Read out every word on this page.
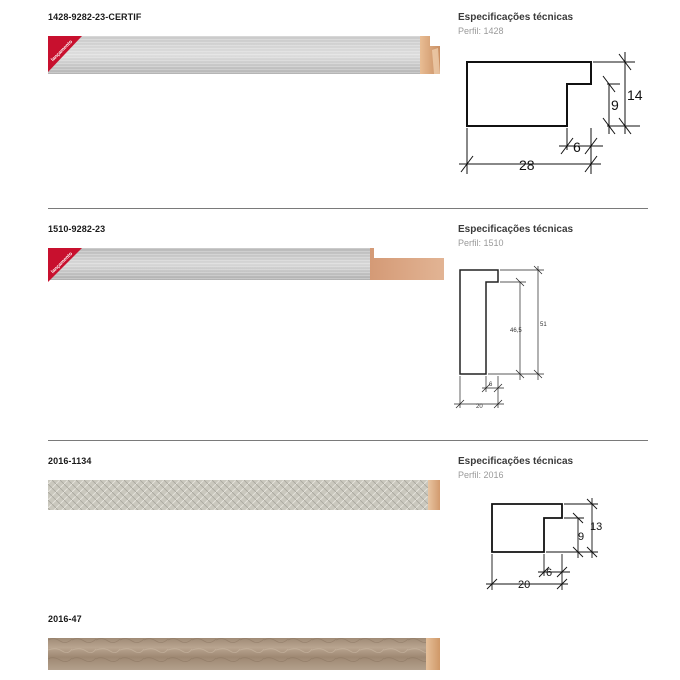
1428-9282-23-CERTIF
lançamento
Especificações técnicas
Perfil: 1428
14
9
6
28
1510-9282-23
lançamento
Especificações técnicas
Perfil: 1510
51
46,5
6
20
2016-1134	Especificações técnicas
Perfil: 2016
13
9
6
20
2016-47
